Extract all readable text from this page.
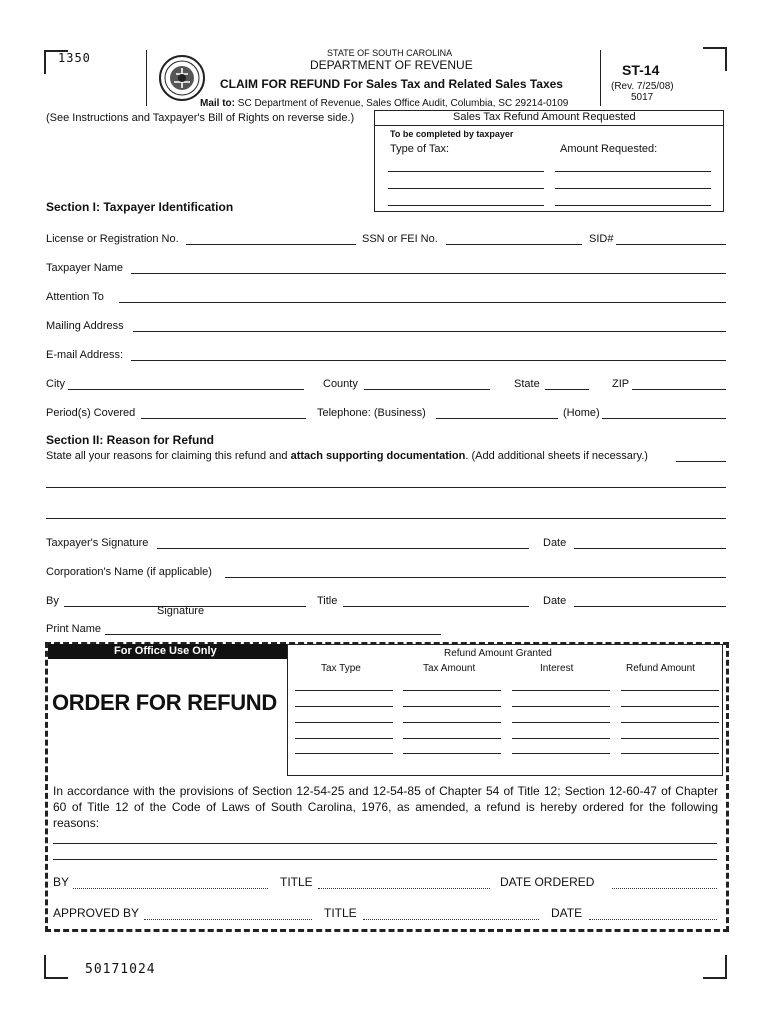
1350	STATE OF SOUTH CAROLINA
DEPARTMENT OF REVENUE
CLAIM FOR REFUND For Sales Tax and Related Sales Taxes
Mail to: SC Department of Revenue, Sales Office Audit, Columbia, SC 29214-0109
ST-14
(Rev. 7/25/08)
5017
(See Instructions and Taxpayer's Bill of Rights on reverse side.)	Sales Tax Refund Amount Requested
To be completed by taxpayer
Type of Tax:	Amount Requested:
Section I: Taxpayer Identification
License or Registration No.	SSN or FEI No.	SID#
Taxpayer Name
Attention To
Mailing Address
E-mail Address:
City	County	State	ZIP
Period(s) Covered	Telephone: (Business)	(Home)
Section II: Reason for Refund
State all your reasons for claiming this refund and attach supporting documentation. (Add additional sheets if necessary.)
Taxpayer's Signature	Date
Corporation's Name (if applicable)
By
Signature
Title	Date
Print Name
For Office Use Only	Refund Amount Granted
Tax Type	Tax Amount	Interest	Refund Amount
ORDER FOR REFUND
In accordance with the provisions of Section 12-54-25 and 12-54-85 of Chapter 54 of Title 12; Section 12-60-47 of Chapter 60 of Title 12 of the Code of Laws of South Carolina, 1976, as amended, a refund is hereby ordered for the following reasons:
BY	TITLE	DATE ORDERED
APPROVED BY	TITLE	DATE
50171024
